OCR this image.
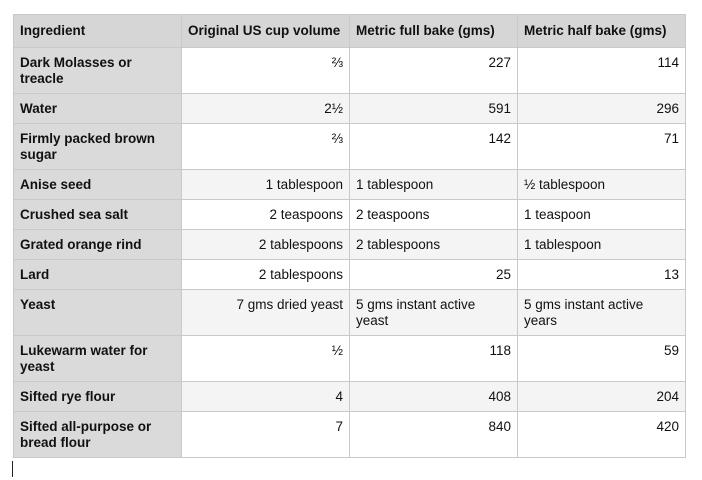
Ingredient	Original US cup volume	Metric full bake (gms)	Metric half bake (gms)
Dark Molasses or treacle	⅔	227	114
Water	2½	591	296
Firmly packed brown sugar	⅔	142	71
Anise seed	1 tablespoon	1 tablespoon	½ tablespoon
Crushed sea salt	2 teaspoons	2 teaspoons	1 teaspoon
Grated orange rind	2 tablespoons	2 tablespoons	1 tablespoon
Lard	2 tablespoons	25	13
Yeast	7 gms dried yeast	5 gms instant active yeast	5 gms instant active years
Lukewarm water for yeast	½	118	59
Sifted rye flour	4	408	204
Sifted all-purpose or bread flour	7	840	420
